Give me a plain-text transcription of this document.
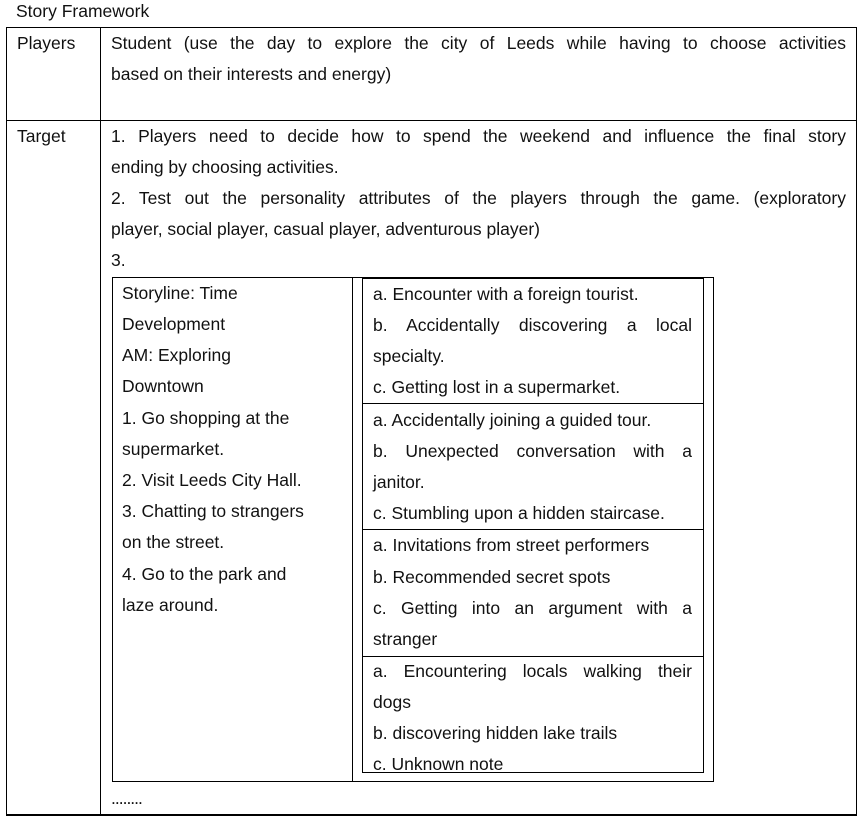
Story Framework
Players Student (use the day to explore the city of Leeds while having to choose activities
based on their interests and energy)
Target	1. Players need to decide how to spend the weekend and influence the final story
ending by choosing activities.
2. Test out the personality attributes of the players through the game. (exploratory
player, social player, casual player, adventurous player)
3.
........
Storyline: Time
Development
AM: Exploring
Downtown
1. Go shopping at the
supermarket.
2. Visit Leeds City Hall.
3. Chatting to strangers
on the street.
4. Go to the park and
laze around.
a. Encounter with a foreign tourist.
b. Accidentally discovering a local
specialty.
c. Getting lost in a supermarket.
a. Accidentally joining a guided tour.
b. Unexpected conversation with a
janitor.
c. Stumbling upon a hidden staircase.
a. Invitations from street performers
b. Recommended secret spots
c. Getting into an argument with a
stranger
a. Encountering locals walking their
dogs
b. discovering hidden lake trails
c. Unknown note
